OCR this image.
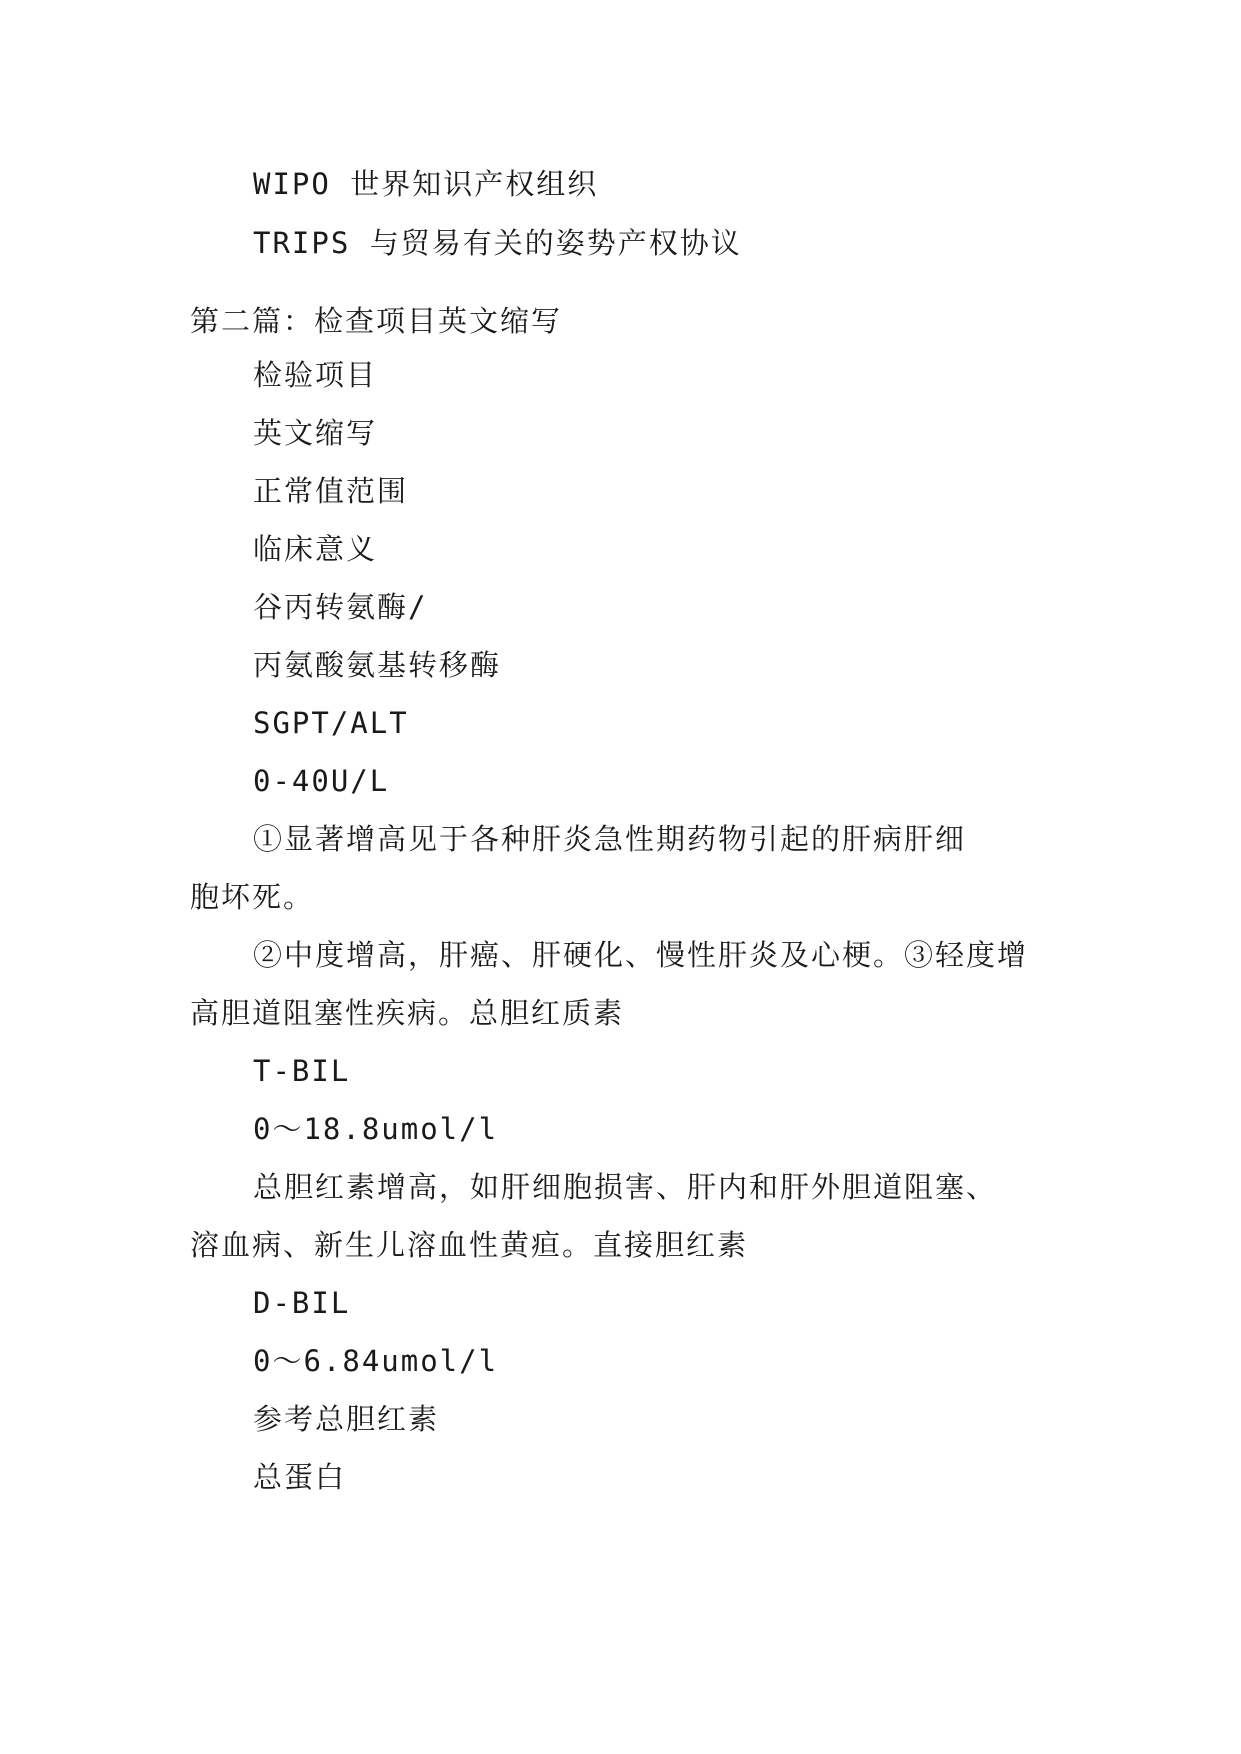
WIPO 世界知识产权组织
TRIPS 与贸易有关的姿势产权协议
第二篇：检查项目英文缩写
检验项目
英文缩写
正常值范围
临床意义
谷丙转氨酶/
丙氨酸氨基转移酶
SGPT/ALT
0-40U/L
①显著增高见于各种肝炎急性期药物引起的肝病肝细
胞坏死。
②中度增高，肝癌、肝硬化、慢性肝炎及心梗。③轻度增
高胆道阻塞性疾病。总胆红质素
T-BIL
0～18.8umol/l
总胆红素增高，如肝细胞损害、肝内和肝外胆道阻塞、
溶血病、新生儿溶血性黄疸。直接胆红素
D-BIL
0～6.84umol/l
参考总胆红素
总蛋白
